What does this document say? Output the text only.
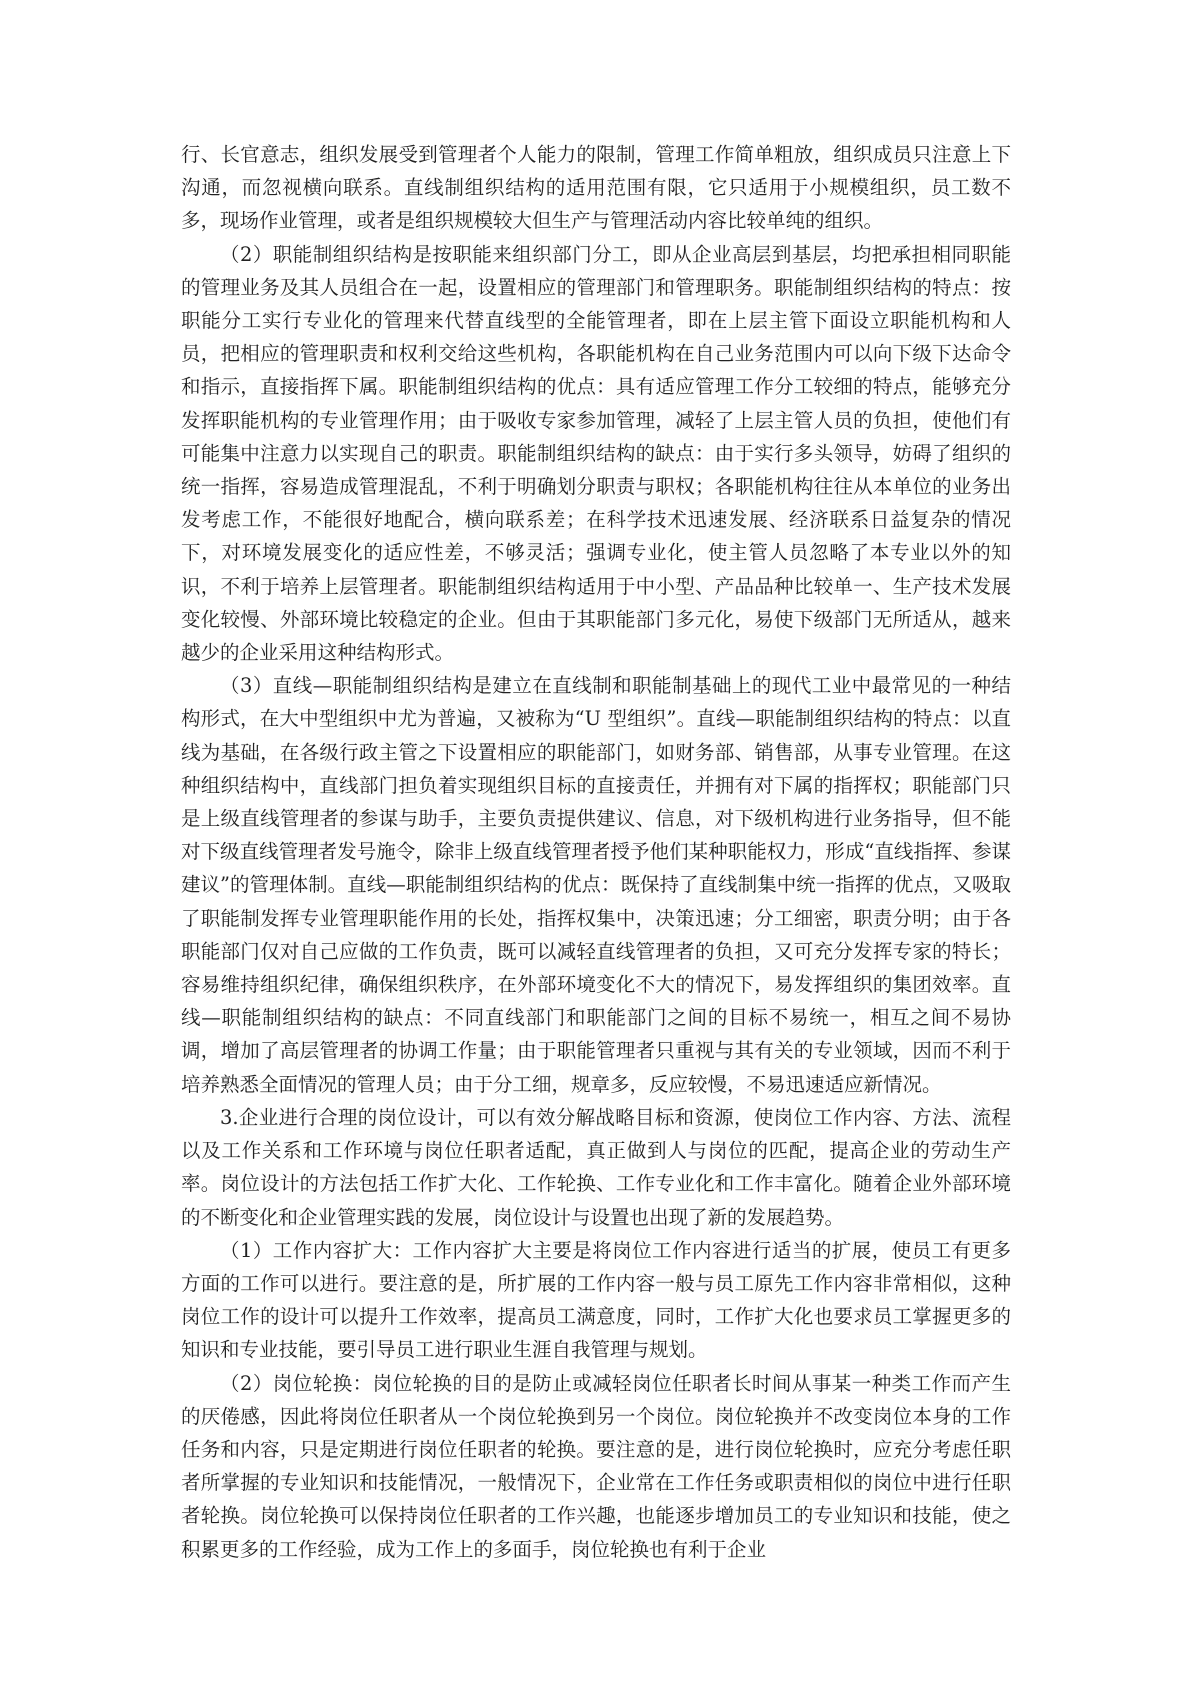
行、长官意志，组织发展受到管理者个人能力的限制，管理工作简单粗放，组织成员只注意上下沟通，而忽视横向联系。直线制组织结构的适用范围有限，它只适用于小规模组织，员工数不多，现场作业管理，或者是组织规模较大但生产与管理活动内容比较单纯的组织。

（2）职能制组织结构是按职能来组织部门分工，即从企业高层到基层，均把承担相同职能的管理业务及其人员组合在一起，设置相应的管理部门和管理职务。职能制组织结构的特点：按职能分工实行专业化的管理来代替直线型的全能管理者，即在上层主管下面设立职能机构和人员，把相应的管理职责和权利交给这些机构，各职能机构在自己业务范围内可以向下级下达命令和指示，直接指挥下属。职能制组织结构的优点：具有适应管理工作分工较细的特点，能够充分发挥职能机构的专业管理作用；由于吸收专家参加管理，减轻了上层主管人员的负担，使他们有可能集中注意力以实现自己的职责。职能制组织结构的缺点：由于实行多头领导，妨碍了组织的统一指挥，容易造成管理混乱，不利于明确划分职责与职权；各职能机构往往从本单位的业务出发考虑工作，不能很好地配合，横向联系差；在科学技术迅速发展、经济联系日益复杂的情况下，对环境发展变化的适应性差，不够灵活；强调专业化，使主管人员忽略了本专业以外的知识，不利于培养上层管理者。职能制组织结构适用于中小型、产品品种比较单一、生产技术发展变化较慢、外部环境比较稳定的企业。但由于其职能部门多元化，易使下级部门无所适从，越来越少的企业采用这种结构形式。

（3）直线—职能制组织结构是建立在直线制和职能制基础上的现代工业中最常见的一种结构形式，在大中型组织中尤为普遍，又被称为“U 型组织”。直线—职能制组织结构的特点：以直线为基础，在各级行政主管之下设置相应的职能部门，如财务部、销售部，从事专业管理。在这种组织结构中，直线部门担负着实现组织目标的直接责任，并拥有对下属的指挥权；职能部门只是上级直线管理者的参谋与助手，主要负责提供建议、信息，对下级机构进行业务指导，但不能对下级直线管理者发号施令，除非上级直线管理者授予他们某种职能权力，形成“直线指挥、参谋建议”的管理体制。直线—职能制组织结构的优点：既保持了直线制集中统一指挥的优点，又吸取了职能制发挥专业管理职能作用的长处，指挥权集中，决策迅速；分工细密，职责分明；由于各职能部门仅对自己应做的工作负责，既可以减轻直线管理者的负担，又可充分发挥专家的特长；容易维持组织纪律，确保组织秩序，在外部环境变化不大的情况下，易发挥组织的集团效率。直线—职能制组织结构的缺点：不同直线部门和职能部门之间的目标不易统一，相互之间不易协调，增加了高层管理者的协调工作量；由于职能管理者只重视与其有关的专业领域，因而不利于培养熟悉全面情况的管理人员；由于分工细，规章多，反应较慢，不易迅速适应新情况。

3.企业进行合理的岗位设计，可以有效分解战略目标和资源，使岗位工作内容、方法、流程以及工作关系和工作环境与岗位任职者适配，真正做到人与岗位的匹配，提高企业的劳动生产率。岗位设计的方法包括工作扩大化、工作轮换、工作专业化和工作丰富化。随着企业外部环境的不断变化和企业管理实践的发展，岗位设计与设置也出现了新的发展趋势。

（1）工作内容扩大：工作内容扩大主要是将岗位工作内容进行适当的扩展，使员工有更多方面的工作可以进行。要注意的是，所扩展的工作内容一般与员工原先工作内容非常相似，这种岗位工作的设计可以提升工作效率，提高员工满意度，同时，工作扩大化也要求员工掌握更多的知识和专业技能，要引导员工进行职业生涯自我管理与规划。

（2）岗位轮换：岗位轮换的目的是防止或减轻岗位任职者长时间从事某一种类工作而产生的厌倦感，因此将岗位任职者从一个岗位轮换到另一个岗位。岗位轮换并不改变岗位本身的工作任务和内容，只是定期进行岗位任职者的轮换。要注意的是，进行岗位轮换时，应充分考虑任职者所掌握的专业知识和技能情况，一般情况下，企业常在工作任务或职责相似的岗位中进行任职者轮换。岗位轮换可以保持岗位任职者的工作兴趣，也能逐步增加员工的专业知识和技能，使之积累更多的工作经验，成为工作上的多面手，岗位轮换也有利于企业
